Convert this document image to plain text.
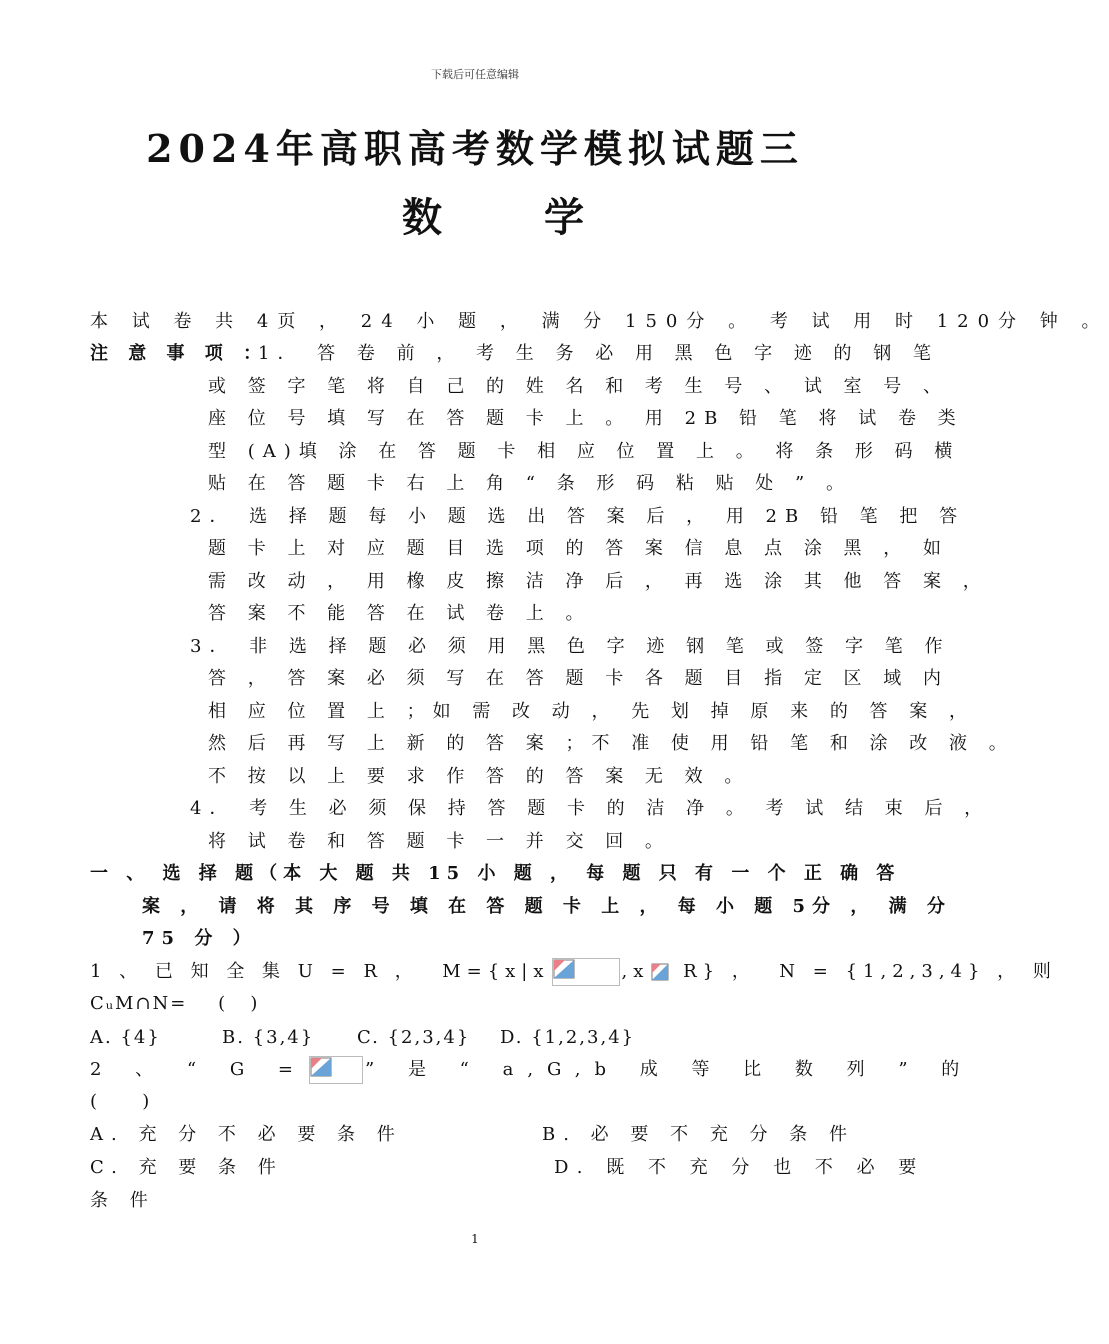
下载后可任意编辑
2024年高职高考数学模拟试题三
数 学
本 试 卷 共 4页 ， 24 小 题 ， 满 分 150分 。 考 试 用 时 120分 钟 。
注 意 事 项 ：
1． 答 卷 前 ， 考 生 务 必 用 黑 色 字 迹 的 钢 笔
或 签 字 笔 将 自 己 的 姓 名 和 考 生 号 、 试 室 号 、
座 位 号 填 写 在 答 题 卡 上 。 用 2B 铅 笔 将 试 卷 类
型 (A)填 涂 在 答 题 卡 相 应 位 置 上 。 将 条 形 码 横
贴 在 答 题 卡 右 上 角 “ 条 形 码 粘 贴 处 ” 。
2． 选 择 题 每 小 题 选 出 答 案 后 ， 用 2B 铅 笔 把 答
题 卡 上 对 应 题 目 选 项 的 答 案 信 息 点 涂 黑 ， 如
需 改 动 ， 用 橡 皮 擦 洁 净 后 ， 再 选 涂 其 他 答 案 ，
答 案 不 能 答 在 试 卷 上 。
3． 非 选 择 题 必 须 用 黑 色 字 迹 钢 笔 或 签 字 笔 作
答 ， 答 案 必 须 写 在 答 题 卡 各 题 目 指 定 区 域 内
相 应 位 置 上 ；如 需 改 动 ， 先 划 掉 原 来 的 答 案 ，
然 后 再 写 上 新 的 答 案 ；不 准 使 用 铅 笔 和 涂 改 液 。
不 按 以 上 要 求 作 答 的 答 案 无 效 。
4． 考 生 必 须 保 持 答 题 卡 的 洁 净 。 考 试 结 束 后 ，
将 试 卷 和 答 题 卡 一 并 交 回 。
一 、 选 择 题（本 大 题 共 15 小 题 ， 每 题 只 有 一 个 正 确 答
案 ， 请 将 其 序 号 填 在 答 题 卡 上 ， 每 小 题 5分 ， 满 分
75 分 ）
1 、 已 知 全 集 U = R ，  M={x|x	,x
R} ，  N = {1,2,3,4} ， 则
CᵤM∩N=    (   )
A. {4}	B. {3,4} C. {2,3,4} D. {1,2,3,4}
2 、 “ G =	” 是 “ a,G,b 成 等 比 数 列 ” 的
(   )
A. 充 分 不 必 要 条 件	B. 必 要 不 充 分 条 件
C. 充 要 条 件	D. 既 不 充 分 也 不 必 要
条 件
1
